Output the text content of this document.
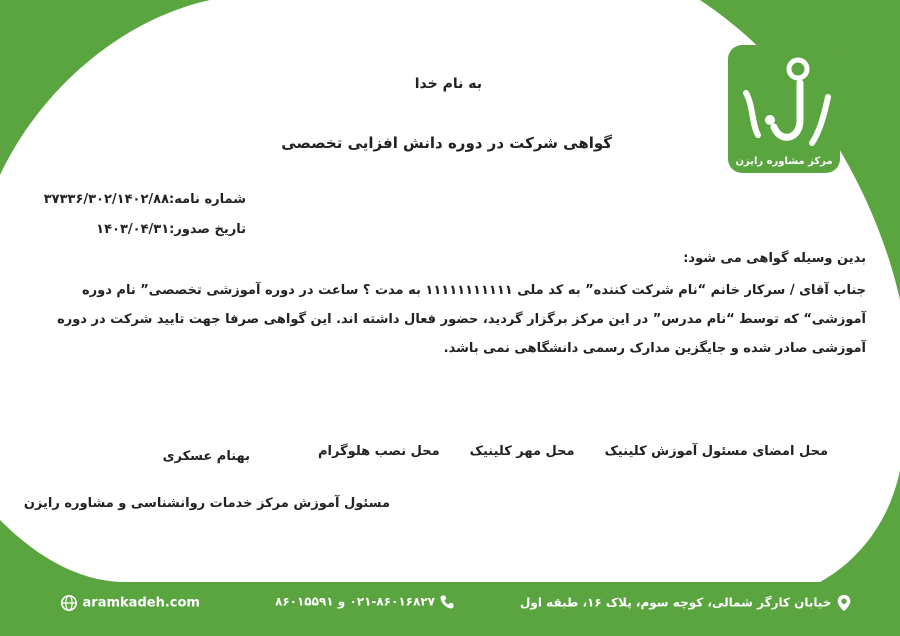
مرکز مشاوره رایزن
به نام خدا
گواهی شرکت در دوره دانش افزایی تخصصی
شماره نامه:۳۷۳۳۶/۳۰۲/۱۴۰۲/۸۸
تاریخ صدور:۱۴۰۳/۰۴/۳۱
بدین وسیله گواهی می شود:
جناب آقای / سرکار خانم “نام شرکت کننده” به کد ملی ۱۱۱۱۱۱۱۱۱۱۱ به مدت ؟ ساعت در دوره آموزشی تخصصی” نام دوره آموزشی“ که توسط “نام مدرس” در این مرکز برگزار گردید، حضور فعال داشته اند. این گواهی صرفا جهت تایید شرکت در دوره آموزشی صادر شده و جایگزین مدارک رسمی دانشگاهی نمی باشد.
محل نصب هلوگرام محل مهر کلینیک محل امضای مسئول آموزش کلینیک
بهنام عسکری
مسئول آموزش مرکز خدمات روانشناسی و مشاوره رایزن
aramkadeh.com	۰۲۱-۸۶۰۱۶۸۲۷ و ۸۶۰۱۵۵۹۱	خیابان کارگر شمالی، کوچه سوم، پلاک ۱۶، طبقه اول
